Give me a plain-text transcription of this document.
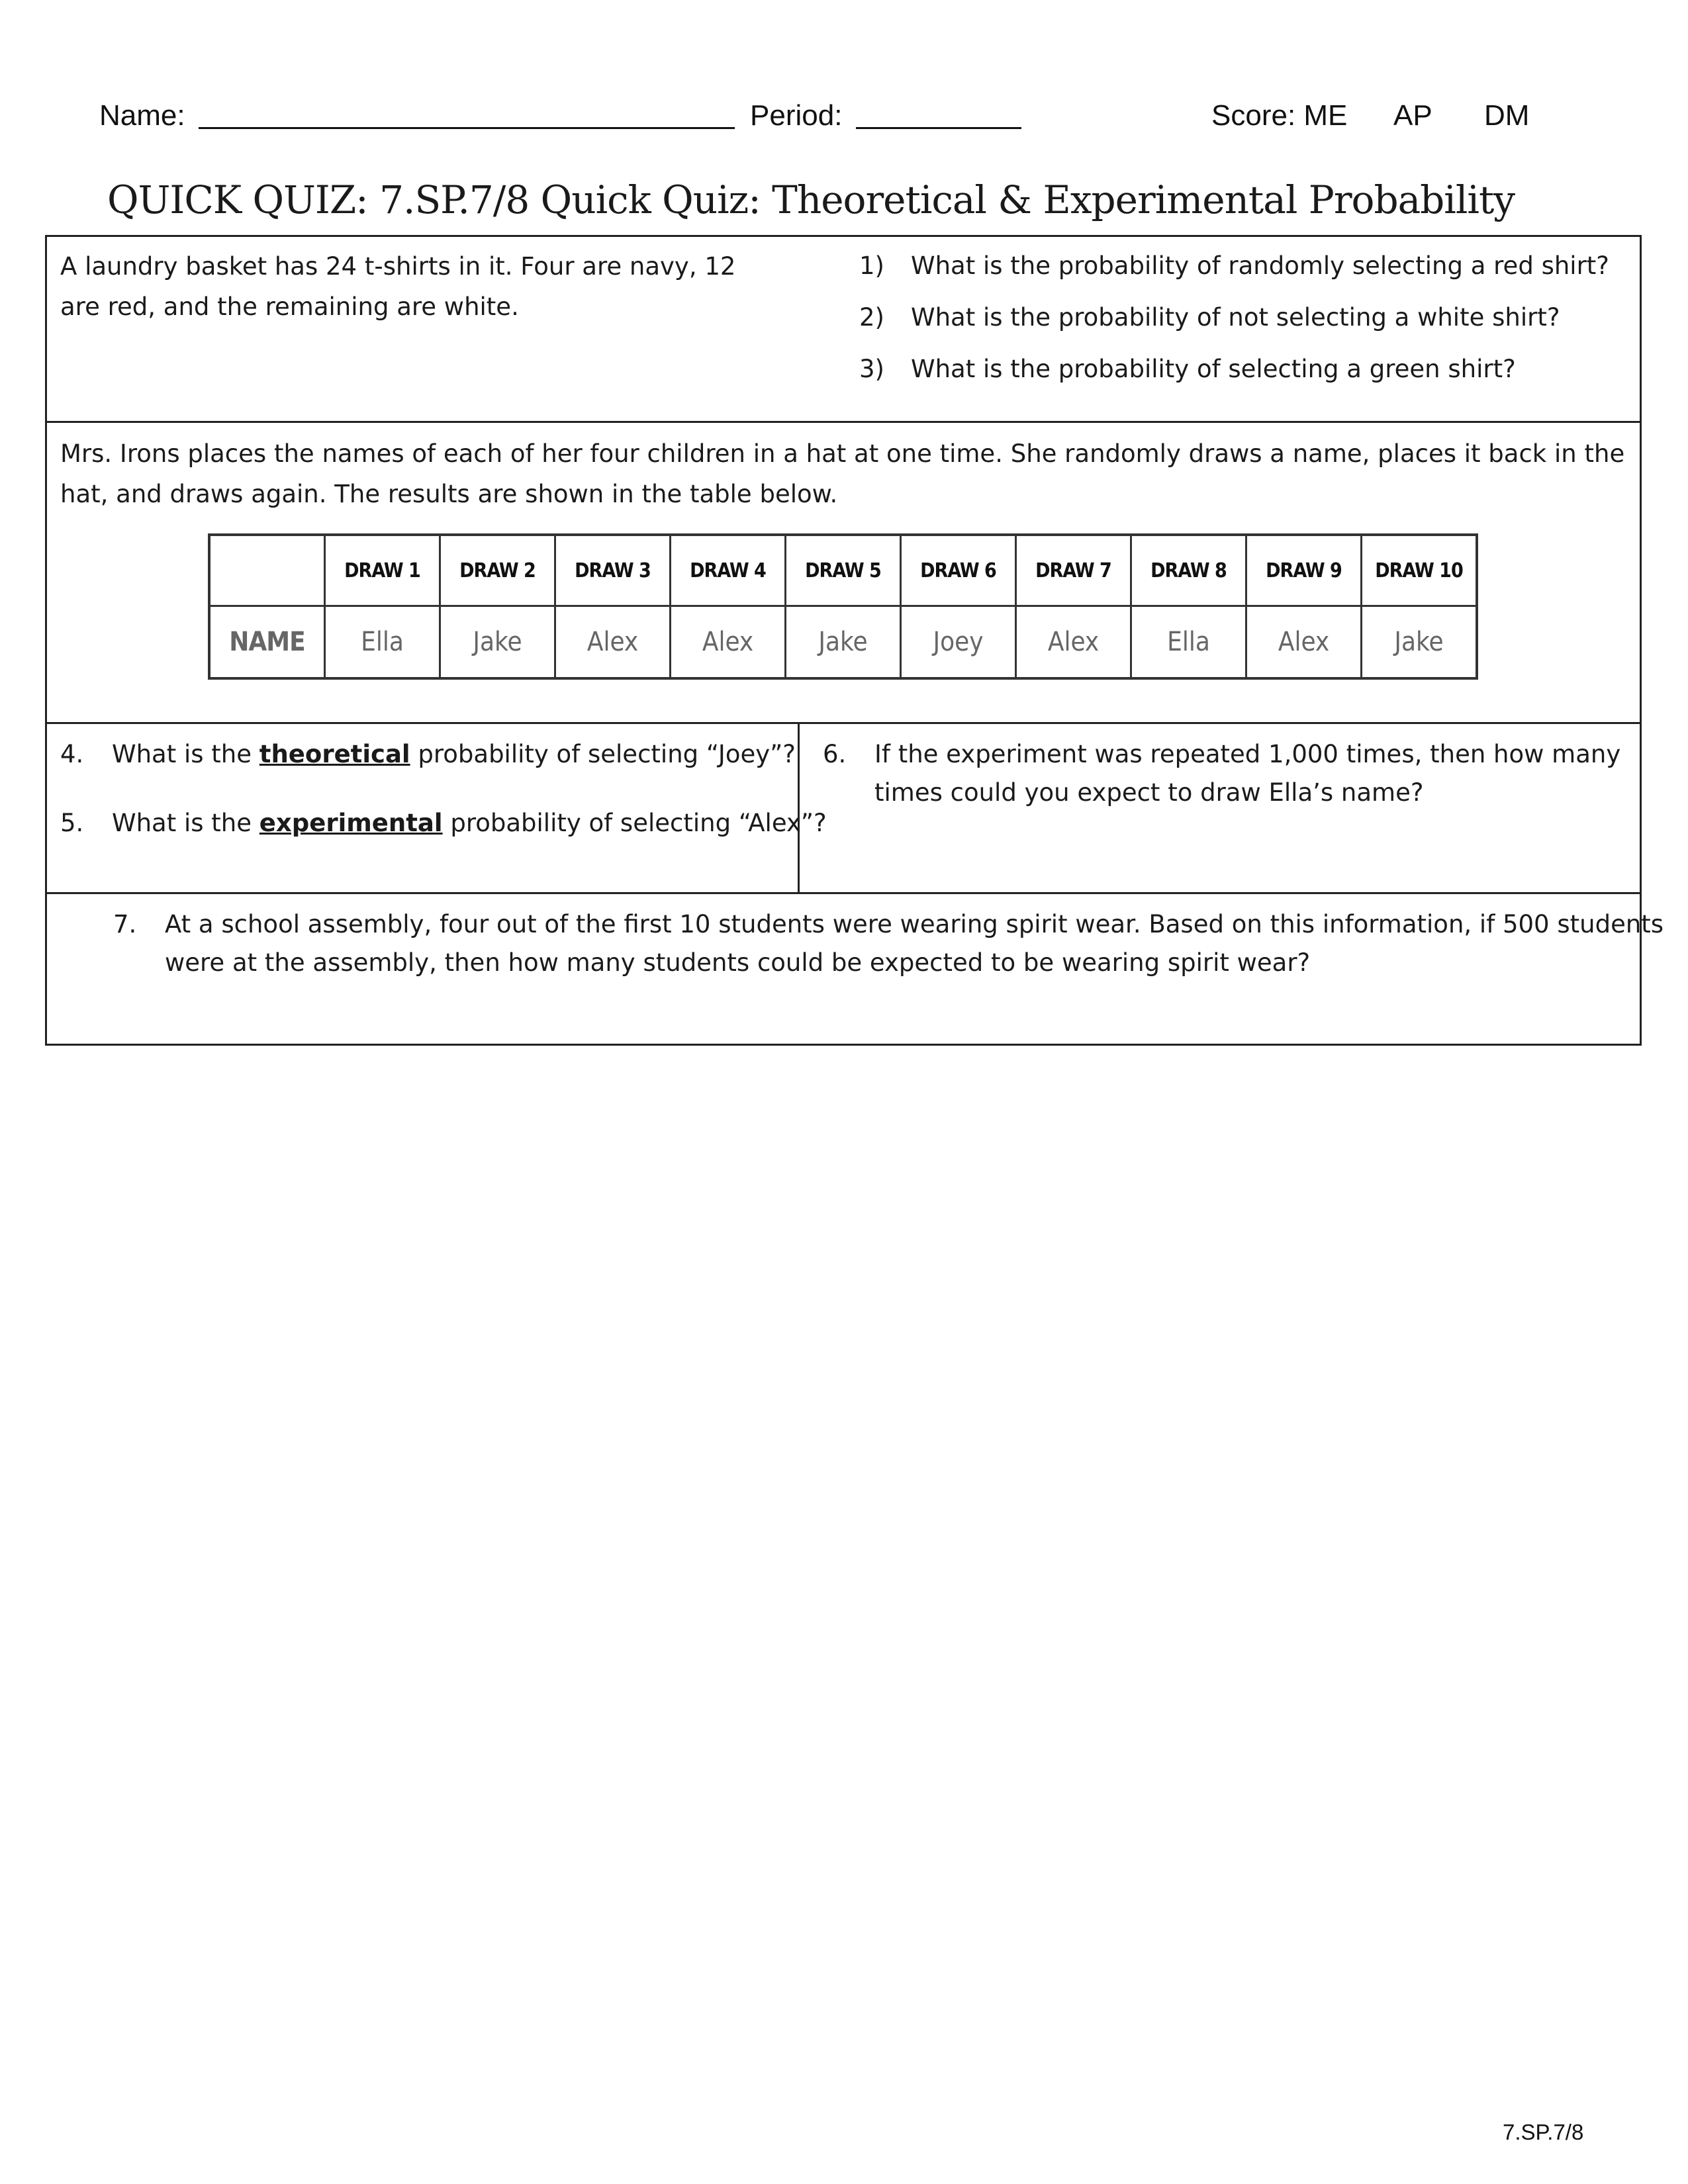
Name:	Period:	Score: ME AP DM
QUICK QUIZ: 7.SP.7/8 Quick Quiz: Theoretical & Experimental Probability
A laundry basket has 24 t-shirts in it. Four are navy, 12 are red, and the remaining are white.
1) What is the probability of randomly selecting a red shirt?
2) What is the probability of not selecting a white shirt?
3) What is the probability of selecting a green shirt?
Mrs. Irons places the names of each of her four children in a hat at one time. She randomly draws a name, places it back in the hat, and draws again. The results are shown in the table below.
	DRAW 1	DRAW 2	DRAW 3	DRAW 4	DRAW 5	DRAW 6	DRAW 7	DRAW 8	DRAW 9	DRAW 10
NAME	Ella	Jake	Alex	Alex	Jake	Joey	Alex	Ella	Alex	Jake
4. What is the theoretical probability of selecting “Joey”?
5. What is the experimental probability of selecting “Alex”?
6. If the experiment was repeated 1,000 times, then how many
times could you expect to draw Ella’s name?
7. At a school assembly, four out of the first 10 students were wearing spirit wear. Based on this information, if 500 students
were at the assembly, then how many students could be expected to be wearing spirit wear?
7.SP.7/8
